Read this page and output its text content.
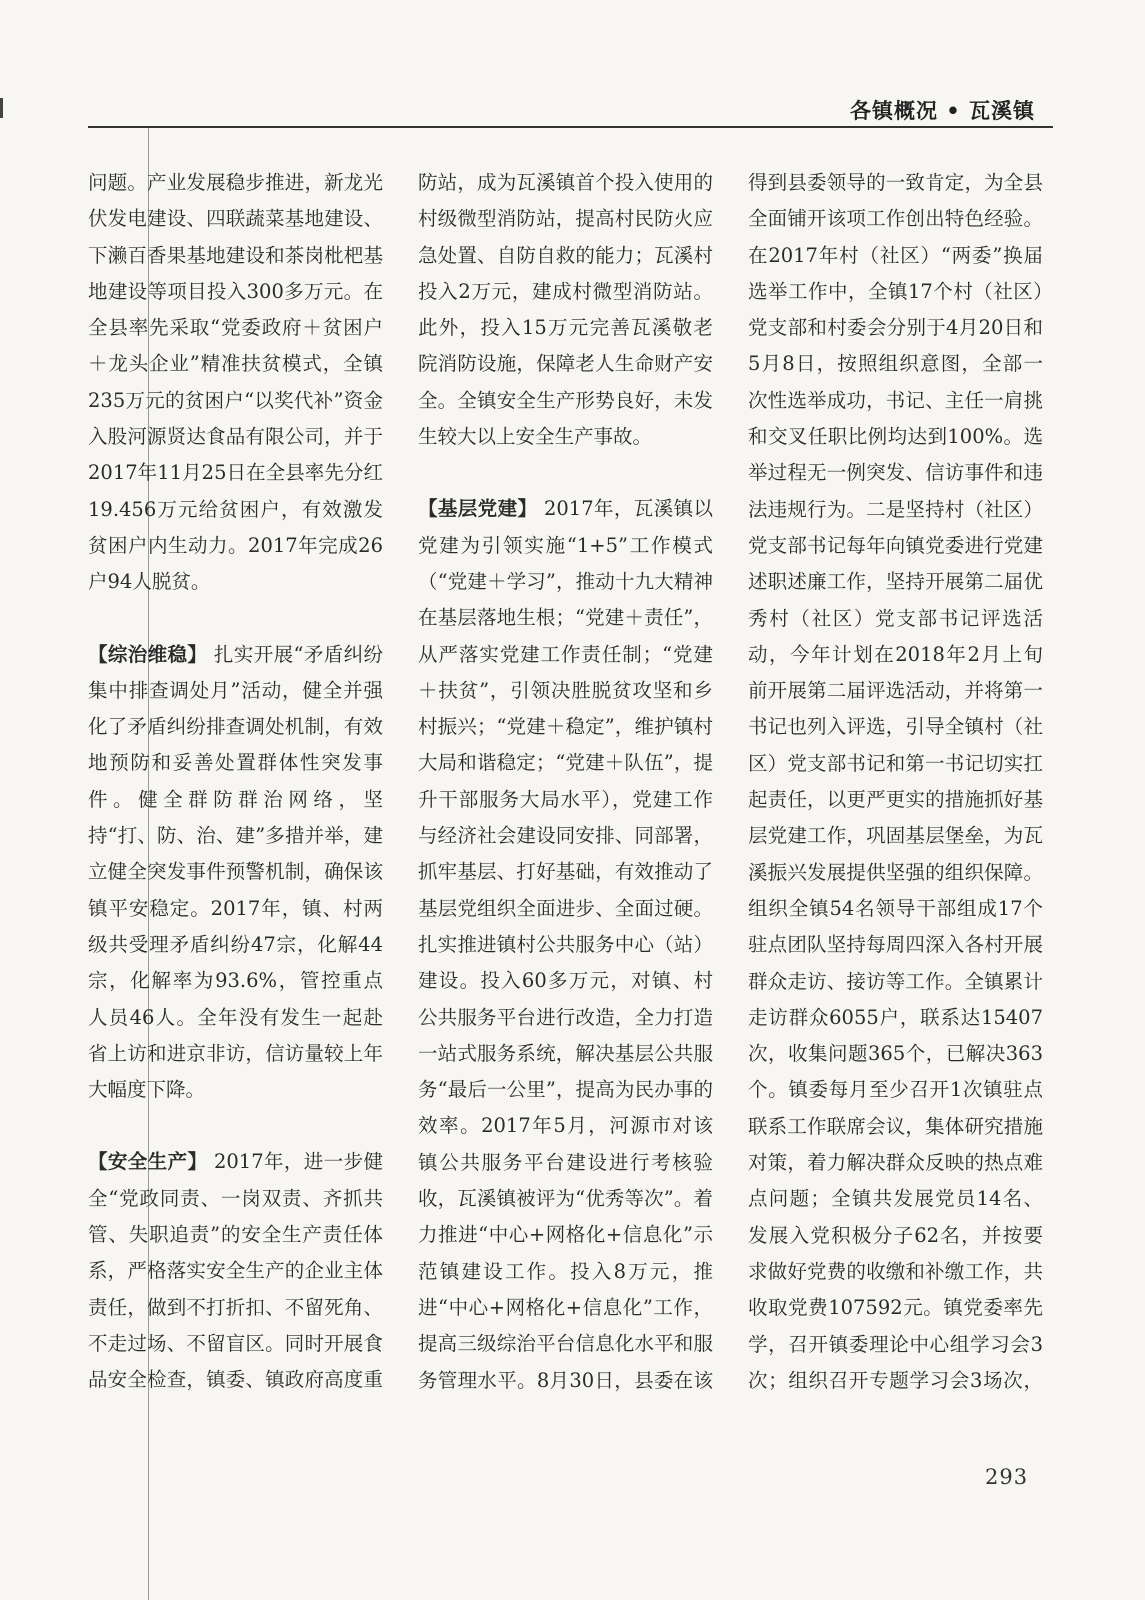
各镇概况 • 瓦溪镇

问题。产业发展稳步推进，新龙光伏发电建设、四联蔬菜基地建设、下濑百香果基地建设和茶岗枇杷基地建设等项目投入300多万元。在全县率先采取“党委政府＋贫困户＋龙头企业”精准扶贫模式，全镇235万元的贫困户“以奖代补”资金入股河源贤达食品有限公司，并于2017年11月25日在全县率先分红19.456万元给贫困户，有效激发贫困户内生动力。2017年完成26户94人脱贫。

【综治维稳】 扎实开展“矛盾纠纷集中排查调处月”活动，健全并强化了矛盾纠纷排查调处机制，有效地预防和妥善处置群体性突发事件。健全群防群治网络，坚持“打、防、治、建”多措并举，建立健全突发事件预警机制，确保该镇平安稳定。2017年，镇、村两级共受理矛盾纠纷47宗，化解44宗，化解率为93.6%，管控重点人员46人。全年没有发生一起赴省上访和进京非访，信访量较上年大幅度下降。

【安全生产】 2017年，进一步健全“党政同责、一岗双责、齐抓共管、失职追责”的安全生产责任体系，严格落实安全生产的企业主体责任，做到不打折扣、不留死角、不走过场、不留盲区。同时开展食品安全检查，镇委、镇政府高度重

防站，成为瓦溪镇首个投入使用的村级微型消防站，提高村民防火应急处置、自防自救的能力；瓦溪村投入2万元，建成村微型消防站。此外，投入15万元完善瓦溪敬老院消防设施，保障老人生命财产安全。全镇安全生产形势良好，未发生较大以上安全生产事故。

【基层党建】 2017年，瓦溪镇以党建为引领实施“1+5”工作模式（“党建＋学习”，推动十九大精神在基层落地生根；“党建＋责任”，从严落实党建工作责任制；“党建＋扶贫”，引领决胜脱贫攻坚和乡村振兴；“党建＋稳定”，维护镇村大局和谐稳定；“党建＋队伍”，提升干部服务大局水平），党建工作与经济社会建设同安排、同部署，抓牢基层、打好基础，有效推动了基层党组织全面进步、全面过硬。扎实推进镇村公共服务中心（站）建设。投入60多万元，对镇、村公共服务平台进行改造，全力打造一站式服务系统，解决基层公共服务“最后一公里”，提高为民办事的效率。2017年5月，河源市对该镇公共服务平台建设进行考核验收，瓦溪镇被评为“优秀等次”。着力推进“中心+网格化+信息化”示范镇建设工作。投入8万元，推进“中心+网格化+信息化”工作，提高三级综治平台信息化水平和服务管理水平。8月30日，县委在该

得到县委领导的一致肯定，为全县全面铺开该项工作创出特色经验。在2017年村（社区）“两委”换届选举工作中，全镇17个村（社区）党支部和村委会分别于4月20日和5月8日，按照组织意图，全部一次性选举成功，书记、主任一肩挑和交叉任职比例均达到100%。选举过程无一例突发、信访事件和违法违规行为。二是坚持村（社区）党支部书记每年向镇党委进行党建述职述廉工作，坚持开展第二届优秀村（社区）党支部书记评选活动，今年计划在2018年2月上旬前开展第二届评选活动，并将第一书记也列入评选，引导全镇村（社区）党支部书记和第一书记切实扛起责任，以更严更实的措施抓好基层党建工作，巩固基层堡垒，为瓦溪振兴发展提供坚强的组织保障。组织全镇54名领导干部组成17个驻点团队坚持每周四深入各村开展群众走访、接访等工作。全镇累计走访群众6055户，联系达15407次，收集问题365个，已解决363个。镇委每月至少召开1次镇驻点联系工作联席会议，集体研究措施对策，着力解决群众反映的热点难点问题；全镇共发展党员14名、发展入党积极分子62名，并按要求做好党费的收缴和补缴工作，共收取党费107592元。镇党委率先学，召开镇委理论中心组学习会3次；组织召开专题学习会3场次，

293
